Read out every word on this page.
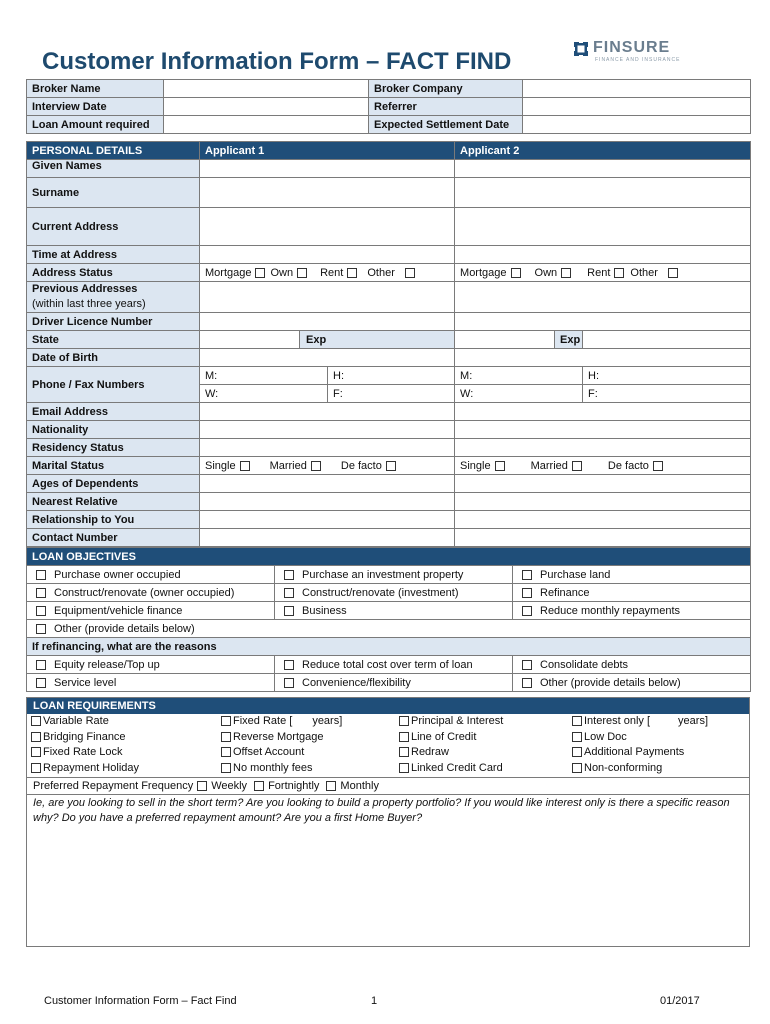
Customer Information Form – FACT FIND
FINSURE
FINANCE AND INSURANCE
Broker Name		Broker Company	
Interview Date		Referrer	
Loan Amount required		Expected Settlement Date	
PERSONAL DETAILS	Applicant 1			Applicant 2		
Given Names						
Surname						
Current Address						
Time at Address						
Address Status	Mortgage Own Rent Other			Mortgage Own Rent Other		
Previous Addresses
(within last three years)						
Driver Licence Number						
State		Exp			Exp	
Date of Birth						
Phone / Fax Numbers	M:		H:	M:		H:
	W:		F:	W:		F:
Email Address						
Nationality						
Residency Status						
Marital Status	Single Married De facto			Single Married De facto		
Ages of Dependents						
Nearest Relative						
Relationship to You						
Contact Number						
LOAN OBJECTIVES		
Purchase owner occupied	Purchase an investment property	Purchase land
Construct/renovate (owner occupied)	Construct/renovate (investment)	Refinance
Equipment/vehicle finance	Business	Reduce monthly repayments
Other (provide details below)		
If refinancing, what are the reasons		
Equity release/Top up	Reduce total cost over term of loan	Consolidate debts
Service level	Convenience/flexibility	Other (provide details below)
LOAN REQUIREMENTS
Variable Rate	Fixed Rate [ years]	Principal & Interest	Interest only [	years]
Bridging Finance	Reverse Mortgage	Line of Credit	Low Doc
Fixed Rate Lock	Offset Account	Redraw	Additional Payments
Repayment Holiday	No monthly fees	Linked Credit Card	Non-conforming
Preferred Repayment Frequency Weekly Fortnightly Monthly
Ie, are you looking to sell in the short term? Are you looking to build a property portfolio? If you would like interest only is there a specific reason why? Do you have a preferred repayment amount? Are you a first Home Buyer?
Customer Information Form – Fact Find	1	01/2017
